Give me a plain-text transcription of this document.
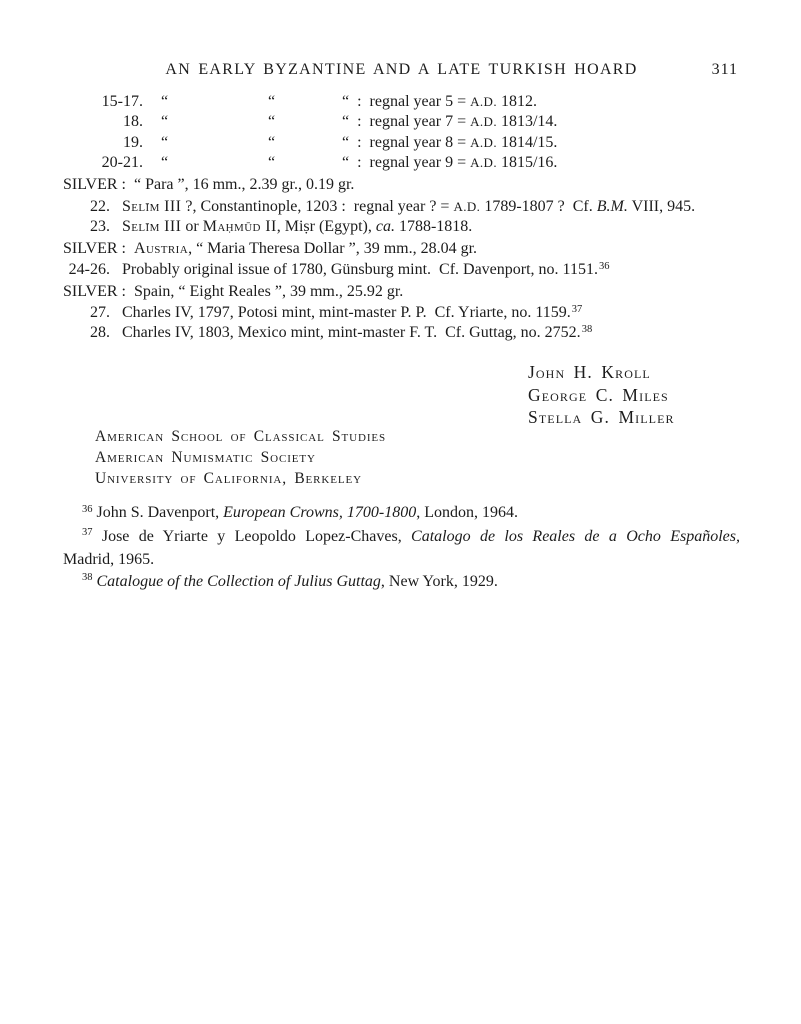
AN EARLY BYZANTINE AND A LATE TURKISH HOARD	311
15-17.	“	“	“  :  regnal year 5 = A.D. 1812.
18.	“	“	“  :  regnal year 7 = A.D. 1813/14.
19.	“	“	“  :  regnal year 8 = A.D. 1814/15.
20-21.	“	“	“  :  regnal year 9 = A.D. 1815/16.
SILVER :  “ Para ”, 16 mm., 2.39 gr., 0.19 gr.
22. Selīm III ?, Constantinople, 1203 :  regnal year ? = A.D. 1789-1807 ?  Cf. B.M. VIII, 945.
23. Selīm III or Maḥmūd II, Miṣr (Egypt), ca. 1788-1818.
SILVER :  Austria, “ Maria Theresa Dollar ”, 39 mm., 28.04 gr.
24-26. Probably original issue of 1780, Günsburg mint.  Cf. Davenport, no. 1151.36
SILVER :  Spain, “ Eight Reales ”, 39 mm., 25.92 gr.
27. Charles IV, 1797, Potosi mint, mint-master P. P.  Cf. Yriarte, no. 1159.37
28. Charles IV, 1803, Mexico mint, mint-master F. T.  Cf. Guttag, no. 2752.38
John H. Kroll
George C. Miles
Stella G. Miller
American School of Classical Studies
American Numismatic Society
University of California, Berkeley
$^{36}$ John S. Davenport, European Crowns, 1700-1800, London, 1964.
$^{37}$ Jose de Yriarte y Leopoldo Lopez-Chaves, Catalogo de los Reales de a Ocho Españoles,
Madrid, 1965.
$^{38}$ Catalogue of the Collection of Julius Guttag, New York, 1929.
